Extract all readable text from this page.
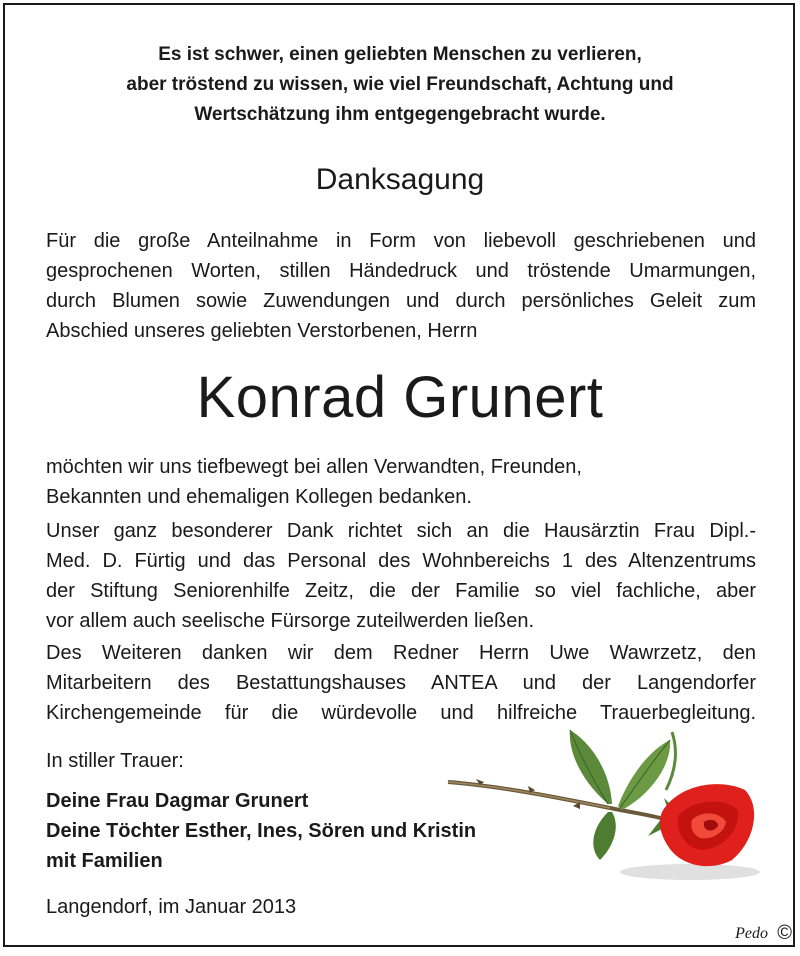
Es ist schwer, einen geliebten Menschen zu verlieren,
aber tröstend zu wissen, wie viel Freundschaft, Achtung und
Wertschätzung ihm entgegengebracht wurde.
Danksagung
Für die große Anteilnahme in Form von liebevoll geschriebenen und
gesprochenen Worten, stillen Händedruck und tröstende Umarmungen,
durch Blumen sowie Zuwendungen und durch persönliches Geleit zum
Abschied unseres geliebten Verstorbenen, Herrn
Konrad Grunert
möchten wir uns tiefbewegt bei allen Verwandten, Freunden,
Bekannten und ehemaligen Kollegen bedanken.
Unser ganz besonderer Dank richtet sich an die Hausärztin Frau Dipl.-
Med. D. Fürtig und das Personal des Wohnbereichs 1 des Altenzentrums
der Stiftung Seniorenhilfe Zeitz, die der Familie so viel fachliche, aber
vor allem auch seelische Fürsorge zuteilwerden ließen.
Des Weiteren danken wir dem Redner Herrn Uwe Wawrzetz, den
Mitarbeitern des Bestattungshauses ANTEA und der Langendorfer
Kirchengemeinde für die würdevolle und hilfreiche Trauerbegleitung.
In stiller Trauer:
Deine Frau Dagmar Grunert
Deine Töchter Esther, Ines, Sören und Kristin
mit Familien
Langendorf, im Januar 2013
Pedo ©
